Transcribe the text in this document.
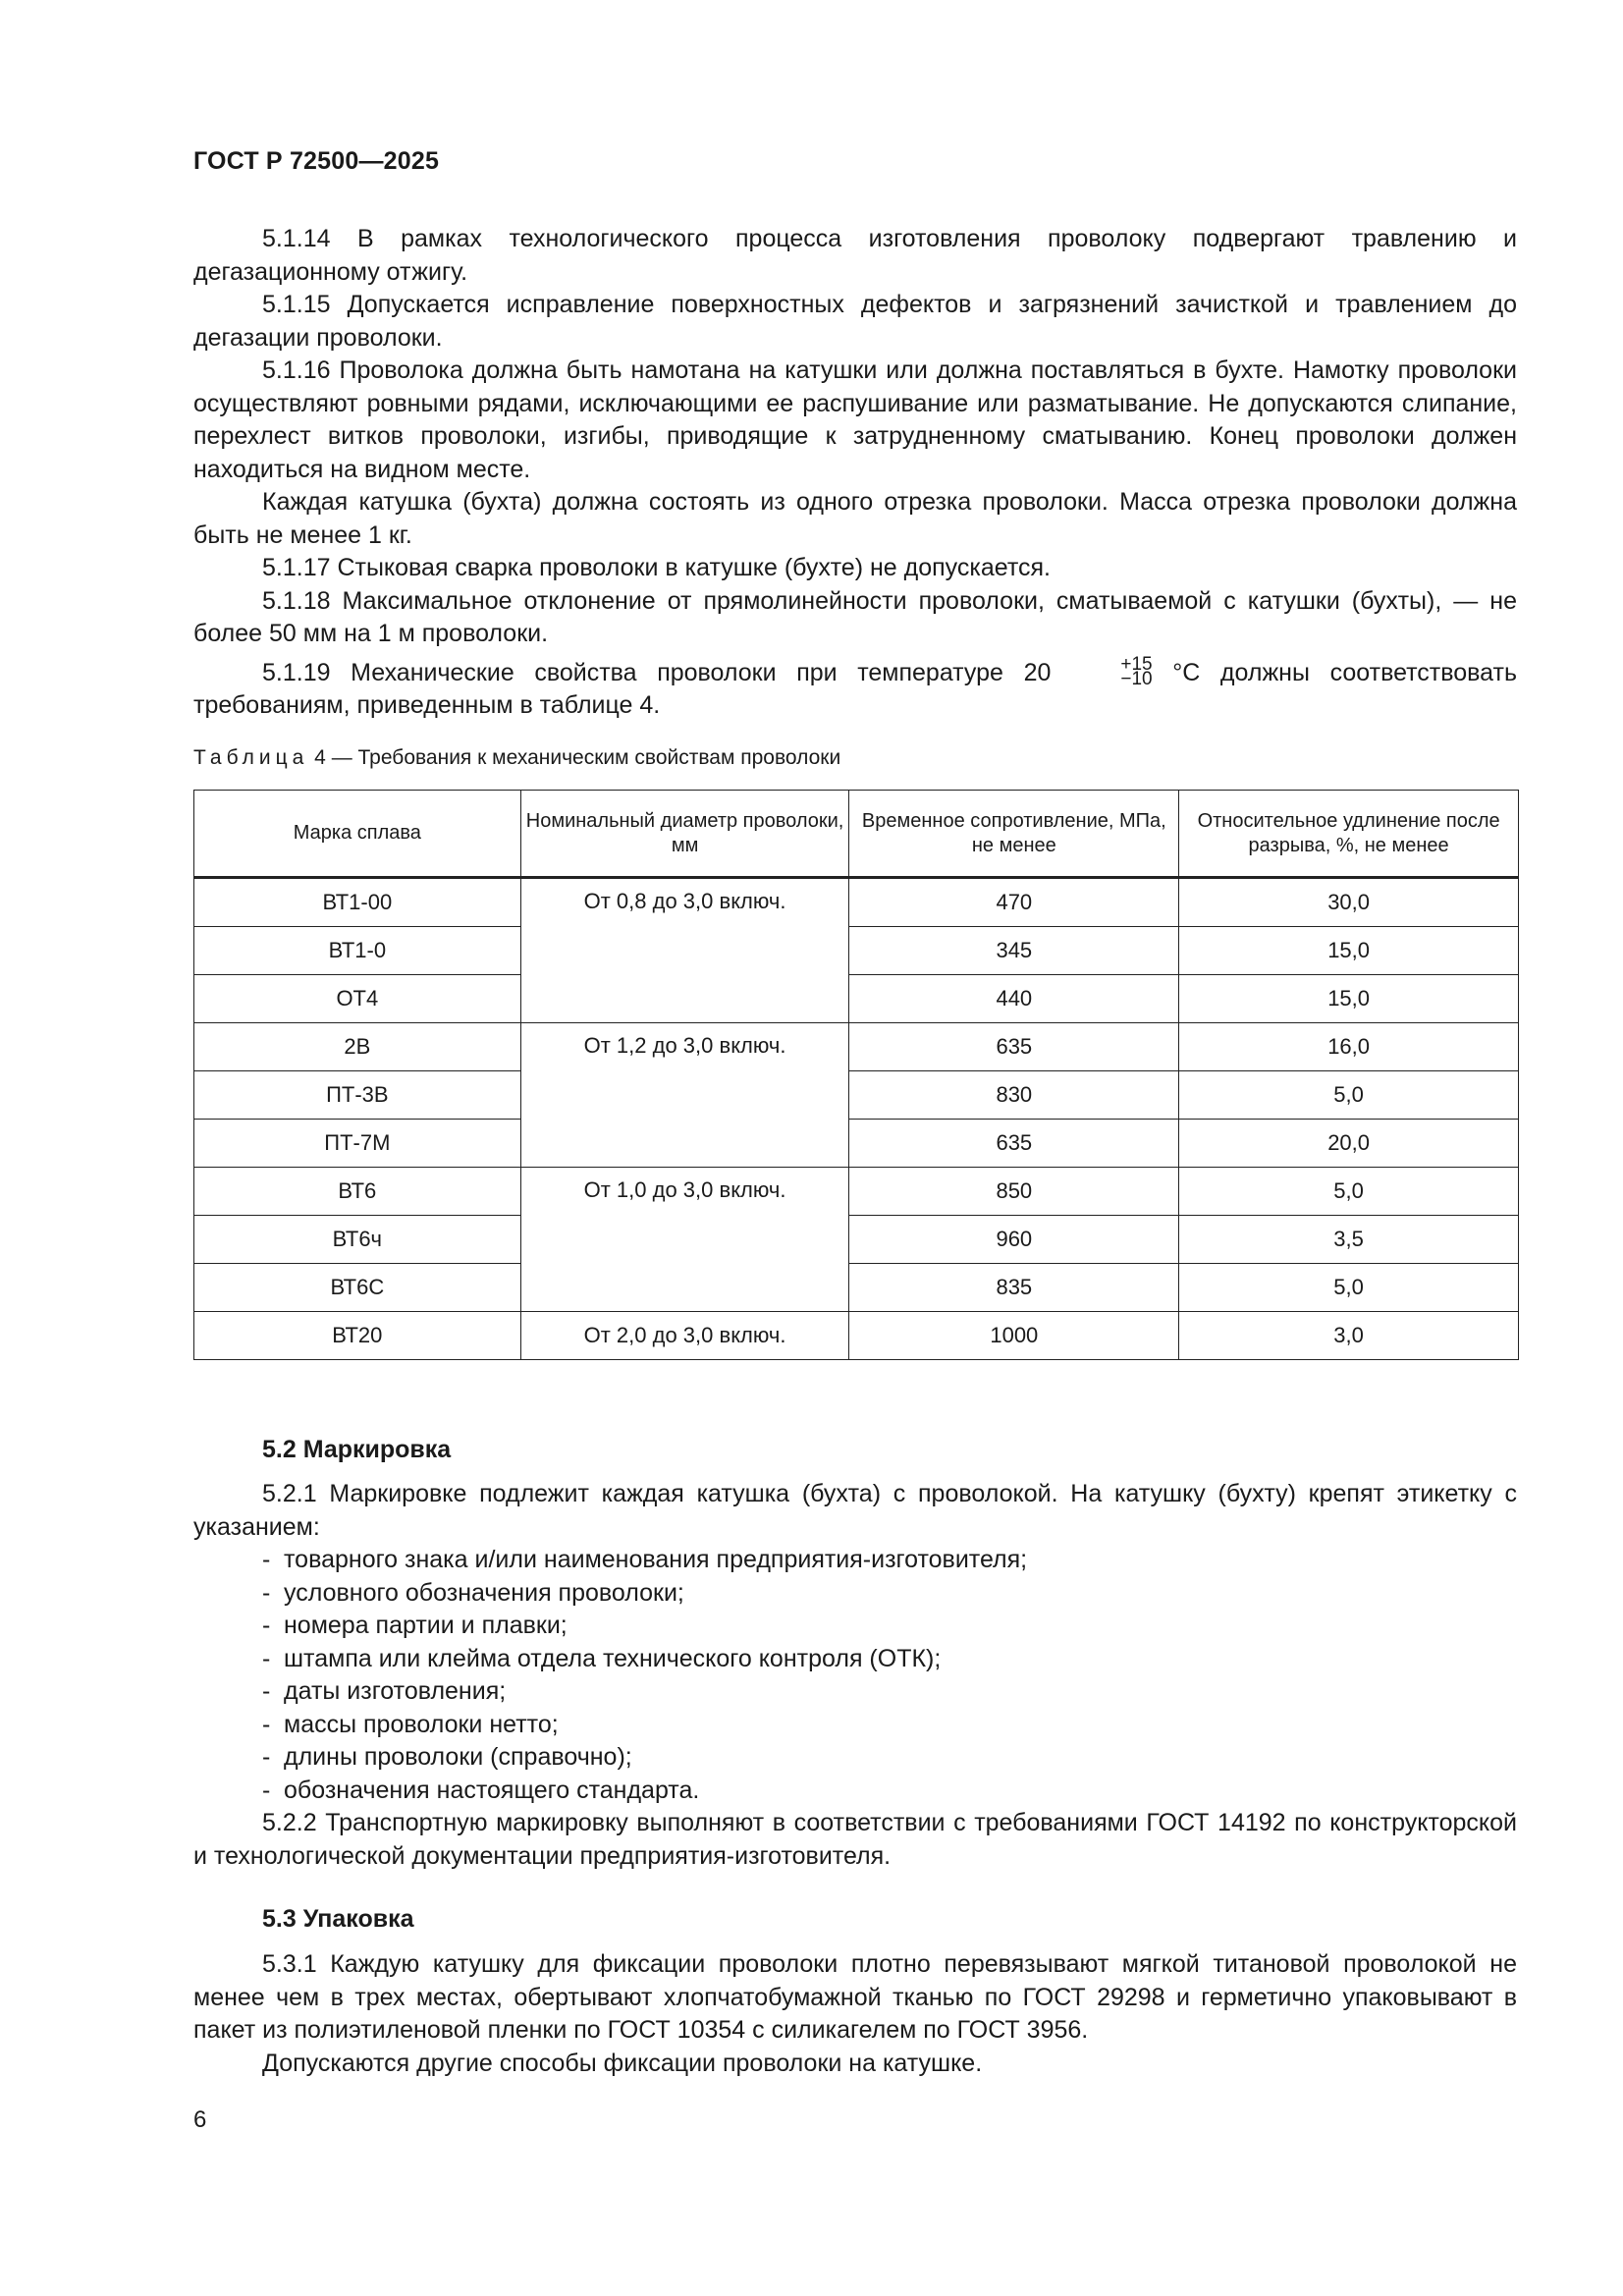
ГОСТ Р 72500—2025

5.1.14 В рамках технологического процесса изготовления проволоку подвергают травлению и дегазационному отжигу.

5.1.15 Допускается исправление поверхностных дефектов и загрязнений зачисткой и травлением до дегазации проволоки.

5.1.16 Проволока должна быть намотана на катушки или должна поставляться в бухте. Намотку проволоки осуществляют ровными рядами, исключающими ее распушивание или разматывание. Не допускаются слипание, перехлест витков проволоки, изгибы, приводящие к затрудненному сматыванию. Конец проволоки должен находиться на видном месте.

Каждая катушка (бухта) должна состоять из одного отрезка проволоки. Масса отрезка проволоки должна быть не менее 1 кг.

5.1.17 Стыковая сварка проволоки в катушке (бухте) не допускается.

5.1.18 Максимальное отклонение от прямолинейности проволоки, сматываемой с катушки (бухты), — не более 50 мм на 1 м проволоки.

5.1.19 Механические свойства проволоки при температуре 20	+15
−10 °С должны соответствовать требованиям, приведенным в таблице 4.

Таблица 4 — Требования к механическим свойствам проволоки
Марка сплава	Номинальный диаметр проволоки, мм	Временное сопротивление, МПа, не менее	Относительное удлинение после разрыва, %, не менее
ВТ1-00	От 0,8 до 3,0 включ.	470	30,0
ВТ1-0		345	15,0
ОТ4		440	15,0
2В	От 1,2 до 3,0 включ.	635	16,0
ПТ-3В		830	5,0
ПТ-7М		635	20,0
ВТ6	От 1,0 до 3,0 включ.	850	5,0
ВТ6ч		960	3,5
ВТ6С		835	5,0
ВТ20	От 2,0 до 3,0 включ.	1000	3,0
5.2 Маркировка

5.2.1 Маркировке подлежит каждая катушка (бухта) с проволокой. На катушку (бухту) крепят этикетку с указанием:

- товарного знака и/или наименования предприятия-изготовителя;
- условного обозначения проволоки;
- номера партии и плавки;
- штампа или клейма отдела технического контроля (ОТК);
- даты изготовления;
- массы проволоки нетто;
- длины проволоки (справочно);
- обозначения настоящего стандарта.

5.2.2 Транспортную маркировку выполняют в соответствии с требованиями ГОСТ 14192 по конструкторской и технологической документации предприятия-изготовителя.

5.3 Упаковка

5.3.1 Каждую катушку для фиксации проволоки плотно перевязывают мягкой титановой проволокой не менее чем в трех местах, обертывают хлопчатобумажной тканью по ГОСТ 29298 и герметично упаковывают в пакет из полиэтиленовой пленки по ГОСТ 10354 с силикагелем по ГОСТ 3956.

Допускаются другие способы фиксации проволоки на катушке.

6
